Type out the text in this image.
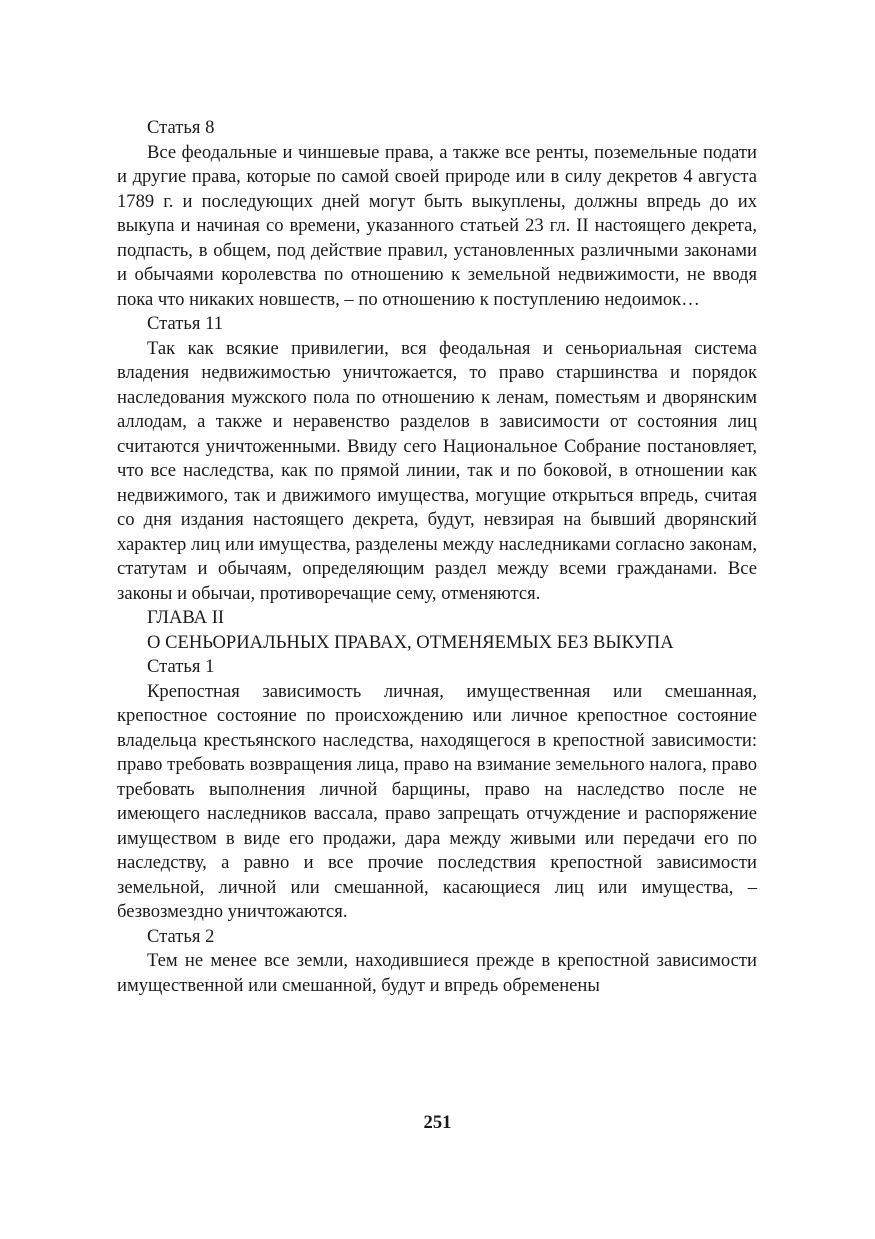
Статья 8

Все феодальные и чиншевые права, а также все ренты, поземельные подати и другие права, которые по самой своей природе или в силу декретов 4 августа 1789 г. и последующих дней могут быть выкуплены, должны впредь до их выкупа и начиная со времени, указанного статьей 23 гл. II настоящего декрета, подпасть, в общем, под действие правил, установленных различными законами и обычаями королевства по отношению к земельной недвижимости, не вводя пока что никаких новшеств, – по отношению к поступлению недоимок…

Статья 11

Так как всякие привилегии, вся феодальная и сеньориальная система владения недвижимостью уничтожается, то право старшинства и порядок наследования мужского пола по отношению к ленам, поместьям и дворянским аллодам, а также и неравенство разделов в зависимости от состояния лиц считаются уничтоженными. Ввиду сего Национальное Собрание постановляет, что все наследства, как по прямой линии, так и по боковой, в отношении как недвижимого, так и движимого имущества, могущие открыться впредь, считая со дня издания настоящего декрета, будут, невзирая на бывший дворянский характер лиц или имущества, разделены между наследниками согласно законам, статутам и обычаям, определяющим раздел между всеми гражданами. Все законы и обычаи, противоречащие сему, отменяются.

ГЛАВА II

О СЕНЬОРИАЛЬНЫХ ПРАВАХ, ОТМЕНЯЕМЫХ БЕЗ ВЫКУПА

Статья 1

Крепостная зависимость личная, имущественная или смешанная, крепостное состояние по происхождению или личное крепостное состояние владельца крестьянского наследства, находящегося в крепостной зависимости: право требовать возвращения лица, право на взимание земельного налога, право требовать выполнения личной барщины, право на наследство после не имеющего наследников вассала, право запрещать отчуждение и распоряжение имуществом в виде его продажи, дара между живыми или передачи его по наследству, а равно и все прочие последствия крепостной зависимости земельной, личной или смешанной, касающиеся лиц или имущества, – безвозмездно уничтожаются.

Статья 2

Тем не менее все земли, находившиеся прежде в крепостной зависимости имущественной или смешанной, будут и впредь обременены

251
